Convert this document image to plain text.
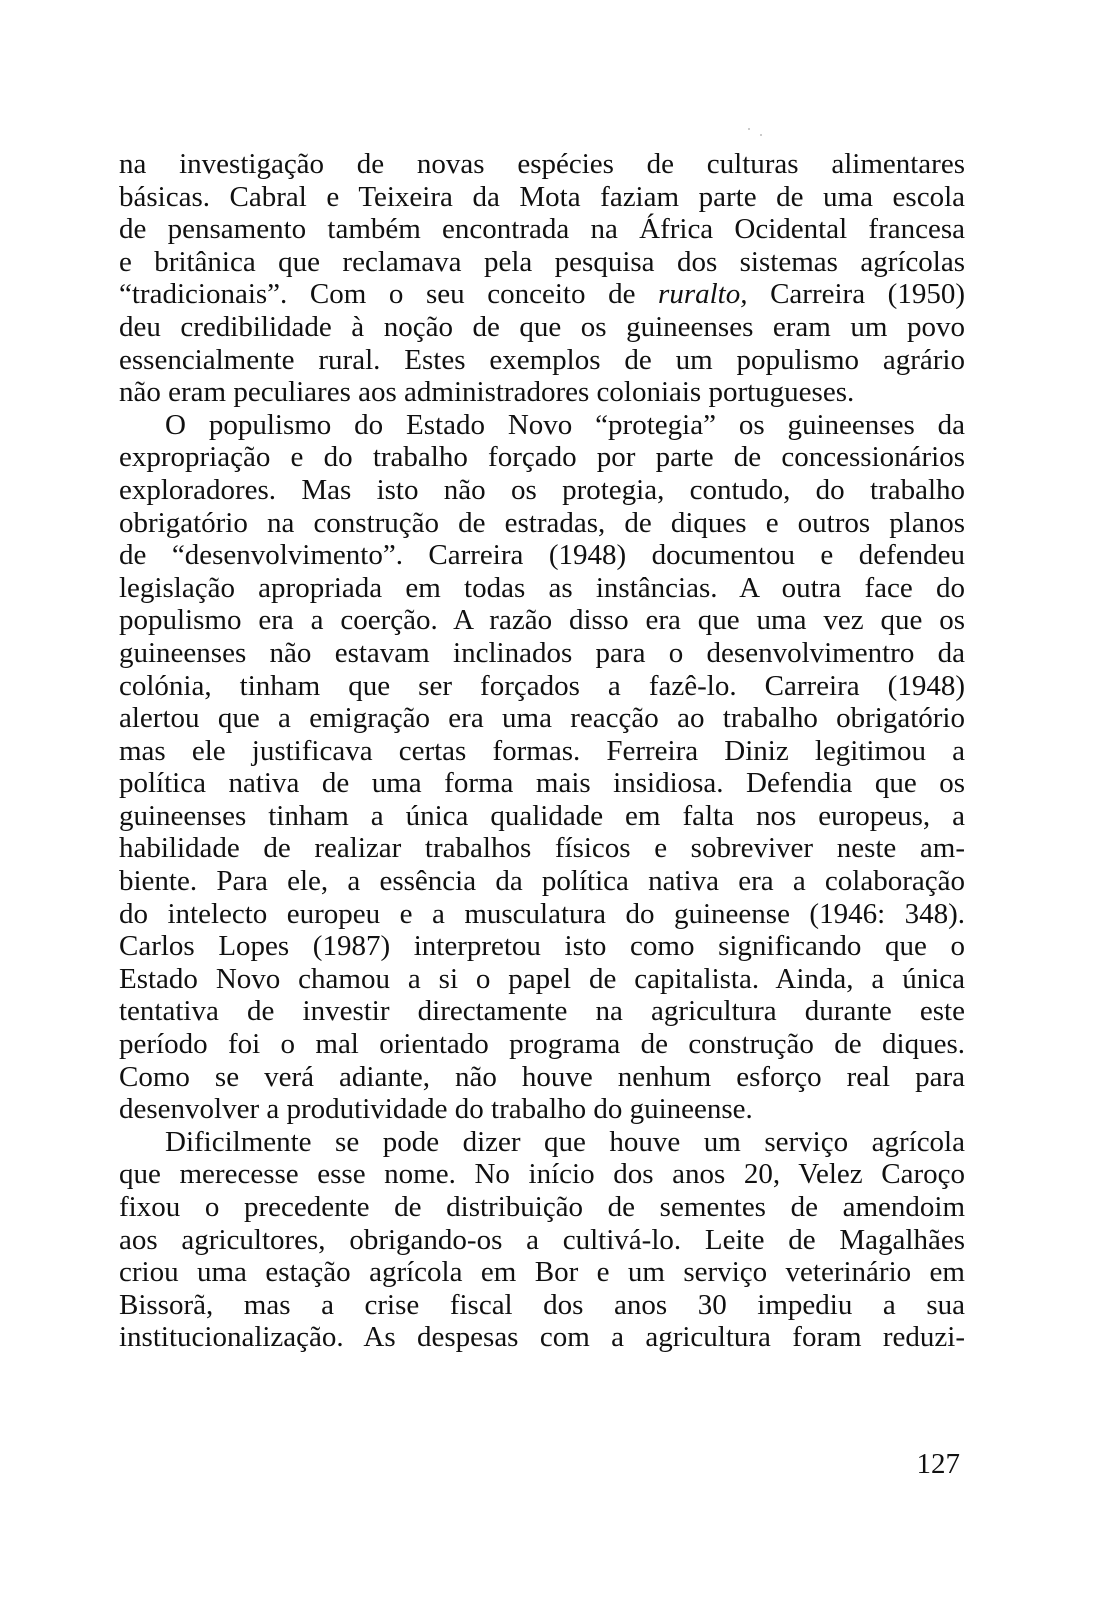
na investigação de novas espécies de culturas alimentares
básicas. Cabral e Teixeira da Mota faziam parte de uma escola
de pensamento também encontrada na África Ocidental francesa
e britânica que reclamava pela pesquisa dos sistemas agrícolas
“tradicionais”. Com o seu conceito de ruralto, Carreira (1950)
deu credibilidade à noção de que os guineenses eram um povo
essencialmente rural. Estes exemplos de um populismo agrário
não eram peculiares aos administradores coloniais portugueses.
O populismo do Estado Novo “protegia” os guineenses da
expropriação e do trabalho forçado por parte de concessionários
exploradores. Mas isto não os protegia, contudo, do trabalho
obrigatório na construção de estradas, de diques e outros planos
de “desenvolvimento”. Carreira (1948) documentou e defendeu
legislação apropriada em todas as instâncias. A outra face do
populismo era a coerção. A razão disso era que uma vez que os
guineenses não estavam inclinados para o desenvolvimentro da
colónia, tinham que ser forçados a fazê-lo. Carreira (1948)
alertou que a emigração era uma reacção ao trabalho obrigatório
mas ele justificava certas formas. Ferreira Diniz legitimou a
política nativa de uma forma mais insidiosa. Defendia que os
guineenses tinham a única qualidade em falta nos europeus, a
habilidade de realizar trabalhos físicos e sobreviver neste am-
biente. Para ele, a essência da política nativa era a colaboração
do intelecto europeu e a musculatura do guineense (1946: 348).
Carlos Lopes (1987) interpretou isto como significando que o
Estado Novo chamou a si o papel de capitalista. Ainda, a única
tentativa de investir directamente na agricultura durante este
período foi o mal orientado programa de construção de diques.
Como se verá adiante, não houve nenhum esforço real para
desenvolver a produtividade do trabalho do guineense.
Dificilmente se pode dizer que houve um serviço agrícola
que merecesse esse nome. No início dos anos 20, Velez Caroço
fixou o precedente de distribuição de sementes de amendoim
aos agricultores, obrigando-os a cultivá-lo. Leite de Magalhães
criou uma estação agrícola em Bor e um serviço veterinário em
Bissorã, mas a crise fiscal dos anos 30 impediu a sua
institucionalização. As despesas com a agricultura foram reduzi-
127
